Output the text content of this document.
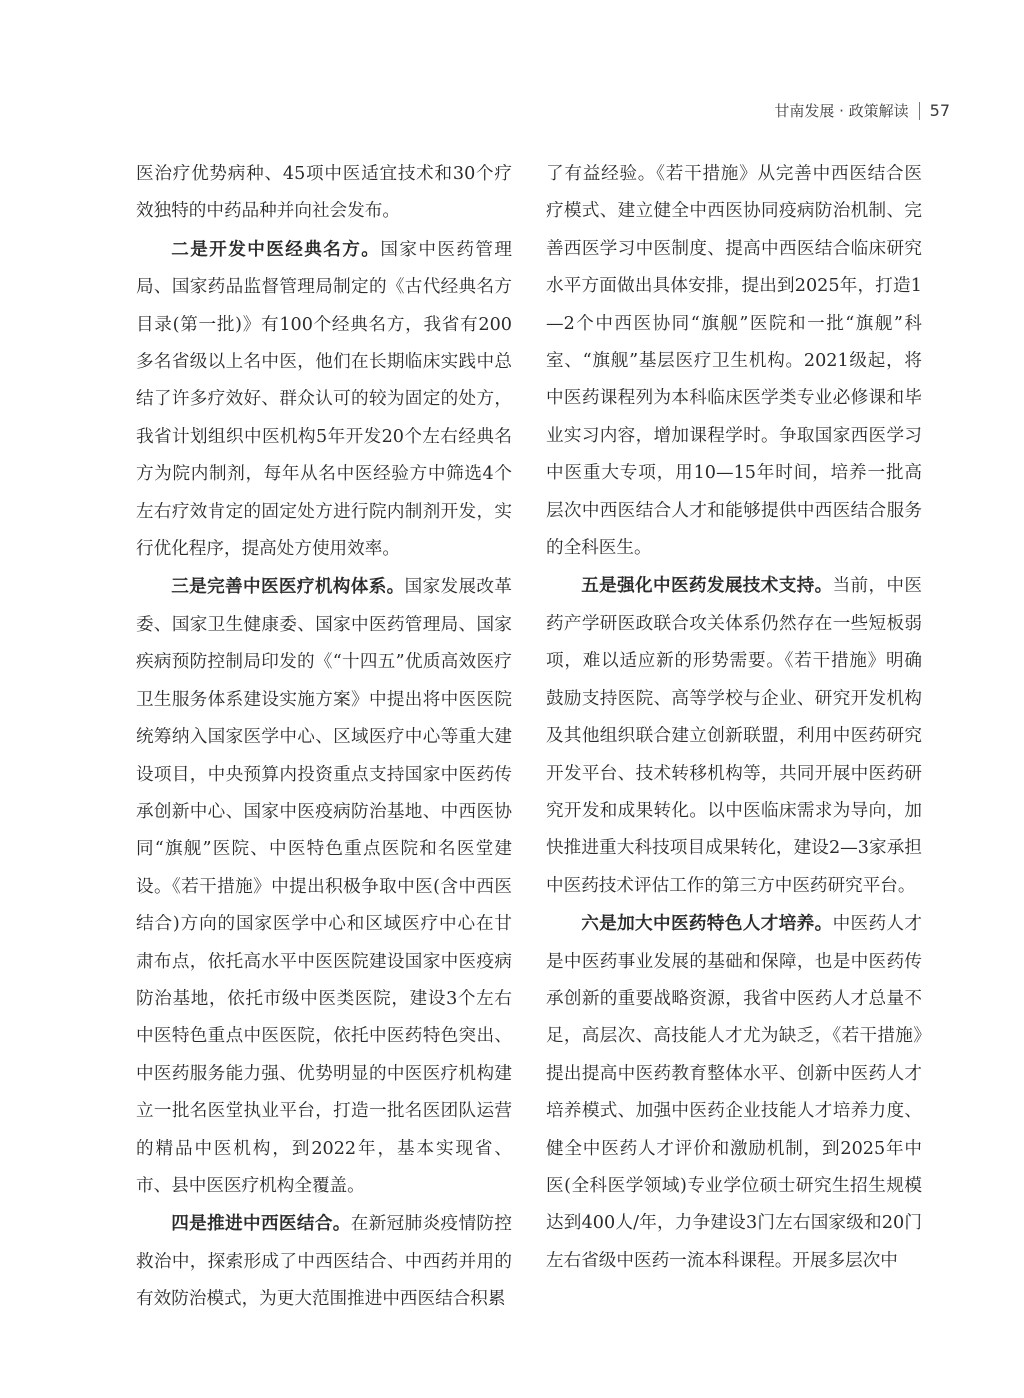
甘南发展 · 政策解读 57

医治疗优势病种、45项中医适宜技术和30个疗效独特的中药品种并向社会发布。

二是开发中医经典名方。国家中医药管理局、国家药品监督管理局制定的《古代经典名方目录(第一批)》有100个经典名方，我省有200多名省级以上名中医，他们在长期临床实践中总结了许多疗效好、群众认可的较为固定的处方，我省计划组织中医机构5年开发20个左右经典名方为院内制剂，每年从名中医经验方中筛选4个左右疗效肯定的固定处方进行院内制剂开发，实行优化程序，提高处方使用效率。

三是完善中医医疗机构体系。国家发展改革委、国家卫生健康委、国家中医药管理局、国家疾病预防控制局印发的《“十四五”优质高效医疗卫生服务体系建设实施方案》中提出将中医医院统筹纳入国家医学中心、区域医疗中心等重大建设项目，中央预算内投资重点支持国家中医药传承创新中心、国家中医疫病防治基地、中西医协同“旗舰”医院、中医特色重点医院和名医堂建设。《若干措施》中提出积极争取中医(含中西医结合)方向的国家医学中心和区域医疗中心在甘肃布点，依托高水平中医医院建设国家中医疫病防治基地，依托市级中医类医院，建设3个左右中医特色重点中医医院，依托中医药特色突出、中医药服务能力强、优势明显的中医医疗机构建立一批名医堂执业平台，打造一批名医团队运营的精品中医机构，到2022年，基本实现省、市、县中医医疗机构全覆盖。

四是推进中西医结合。在新冠肺炎疫情防控救治中，探索形成了中西医结合、中西药并用的有效防治模式，为更大范围推进中西医结合积累

了有益经验。《若干措施》从完善中西医结合医疗模式、建立健全中西医协同疫病防治机制、完善西医学习中医制度、提高中西医结合临床研究水平方面做出具体安排，提出到2025年，打造1—2个中西医协同“旗舰”医院和一批“旗舰”科室、“旗舰”基层医疗卫生机构。2021级起，将中医药课程列为本科临床医学类专业必修课和毕业实习内容，增加课程学时。争取国家西医学习中医重大专项，用10—15年时间，培养一批高层次中西医结合人才和能够提供中西医结合服务的全科医生。

五是强化中医药发展技术支持。当前，中医药产学研医政联合攻关体系仍然存在一些短板弱项，难以适应新的形势需要。《若干措施》明确鼓励支持医院、高等学校与企业、研究开发机构及其他组织联合建立创新联盟，利用中医药研究开发平台、技术转移机构等，共同开展中医药研究开发和成果转化。以中医临床需求为导向，加快推进重大科技项目成果转化，建设2—3家承担中医药技术评估工作的第三方中医药研究平台。

六是加大中医药特色人才培养。中医药人才是中医药事业发展的基础和保障，也是中医药传承创新的重要战略资源，我省中医药人才总量不足，高层次、高技能人才尤为缺乏，《若干措施》提出提高中医药教育整体水平、创新中医药人才培养模式、加强中医药企业技能人才培养力度、健全中医药人才评价和激励机制，到2025年中医(全科医学领域)专业学位硕士研究生招生规模达到400人/年，力争建设3门左右国家级和20门左右省级中医药一流本科课程。开展多层次中
